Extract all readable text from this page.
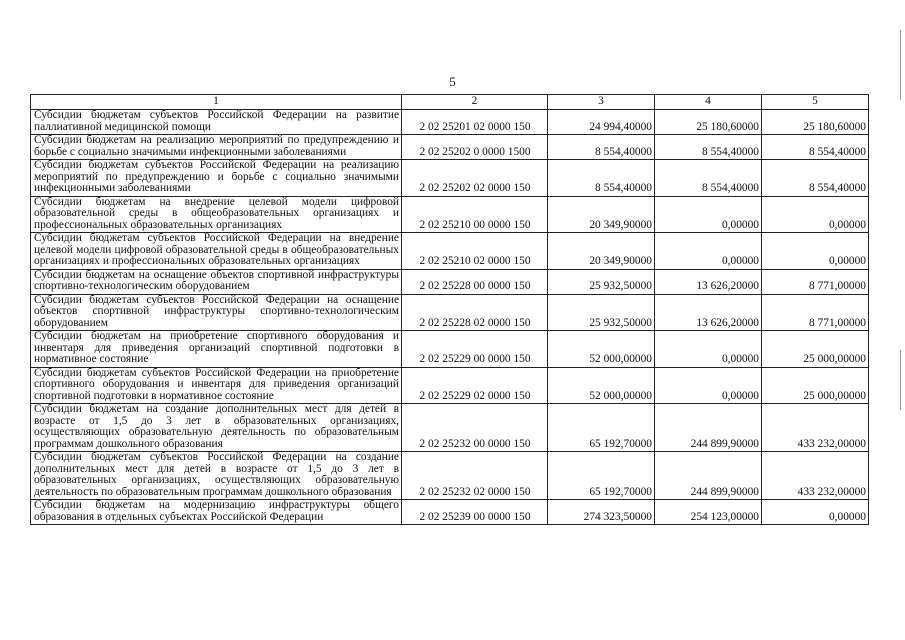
5
1	2	3	4	5
Субсидии бюджетам субъектов Российской Федерации на развитие паллиативной медицинской помощи	2 02 25201 02 0000 150	24 994,40000	25 180,60000	25 180,60000
Субсидии бюджетам на реализацию мероприятий по предупреждению и борьбе с социально значимыми инфекционными заболеваниями	2 02 25202 0 0000 1500	8 554,40000	8 554,40000	8 554,40000
Субсидии бюджетам субъектов Российской Федерации на реализацию мероприятий по предупреждению и борьбе с социально значимыми инфекционными заболеваниями	2 02 25202 02 0000 150	8 554,40000	8 554,40000	8 554,40000
Субсидии бюджетам на внедрение целевой модели цифровой образовательной среды в общеобразовательных организациях и профессиональных образовательных организациях	2 02 25210 00 0000 150	20 349,90000	0,00000	0,00000
Субсидии бюджетам субъектов Российской Федерации на внедрение целевой модели цифровой образовательной среды в общеобразовательных организациях и профессиональных образовательных организациях	2 02 25210 02 0000 150	20 349,90000	0,00000	0,00000
Субсидии бюджетам на оснащение объектов спортивной инфраструктуры спортивно-технологическим оборудованием	2 02 25228 00 0000 150	25 932,50000	13 626,20000	8 771,00000
Субсидии бюджетам субъектов Российской Федерации на оснащение объектов спортивной инфраструктуры спортивно-технологическим оборудованием	2 02 25228 02 0000 150	25 932,50000	13 626,20000	8 771,00000
Субсидии бюджетам на приобретение спортивного оборудования и инвентаря для приведения организаций спортивной подготовки в нормативное состояние	2 02 25229 00 0000 150	52 000,00000	0,00000	25 000,00000
Субсидии бюджетам субъектов Российской Федерации на приобретение спортивного оборудования и инвентаря для приведения организаций спортивной подготовки в нормативное состояние	2 02 25229 02 0000 150	52 000,00000	0,00000	25 000,00000
Субсидии бюджетам на создание дополнительных мест для детей в возрасте от 1,5 до 3 лет в образовательных организациях, осуществляющих образовательную деятельность по образовательным программам дошкольного образования	2 02 25232 00 0000 150	65 192,70000	244 899,90000	433 232,00000
Субсидии бюджетам субъектов Российской Федерации на создание дополнительных мест для детей в возрасте от 1,5 до 3 лет в образовательных организациях, осуществляющих образовательную деятельность по образовательным программам дошкольного образования	2 02 25232 02 0000 150	65 192,70000	244 899,90000	433 232,00000
Субсидии бюджетам на модернизацию инфраструктуры общего образования в отдельных субъектах Российской Федерации	2 02 25239 00 0000 150	274 323,50000	254 123,00000	0,00000
